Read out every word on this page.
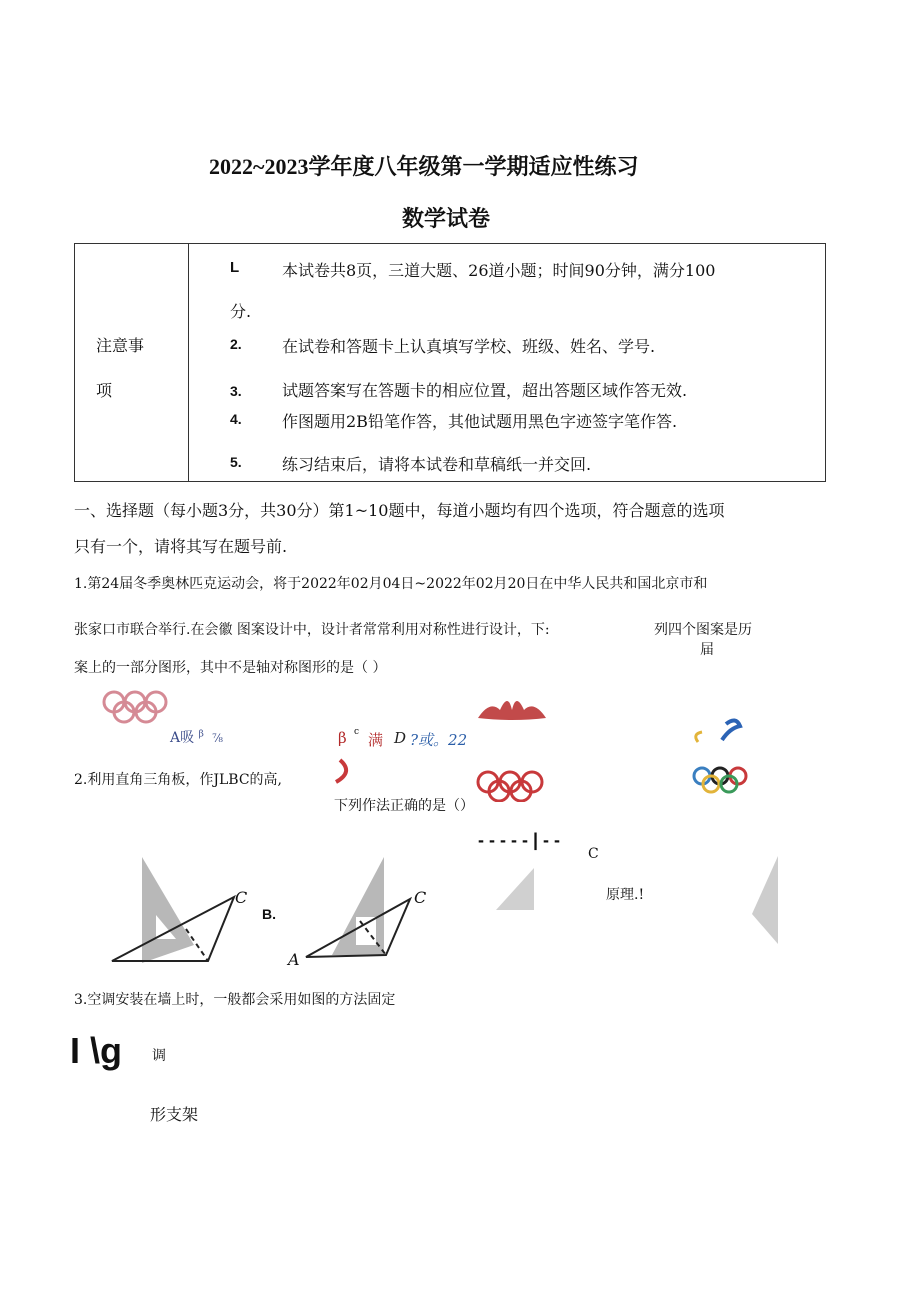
2022~2023学年度八年级第一学期适应性练习
数学试卷
注意事
项
L	本试卷共8页，三道大题、26道小题；时间90分钟，满分100
分.
2.	在试卷和答题卡上认真填写学校、班级、姓名、学号.
3.	试题答案写在答题卡的相应位置，超出答题区域作答无效.
4.	作图题用2B铅笔作答，其他试题用黑色字迹签字笔作答.
5.	练习结束后，请将本试卷和草稿纸一并交回.
一、选择题（每小题3分，共30分）第1~10题中，每道小题均有四个选项，符合题意的选项
只有一个，请将其写在题号前.
1.第24届冬季奥林匹克运动会，将于2022年02月04日~2022年02月20日在中华人民共和国北京市和
张家口市联合举行.在会徽 图案设计中，设计者常常利用对称性进行设计，下:	列四个图案是历
届
案上的一部分图形，其中不是轴对称图形的是（ ）
A吸 $^\beta$ ⅞	β c 满 D ?或。22
2.利用直角三角板，作JLBC的高,
下列作法正确的是（）
- - - - - | - -
C
C
B.
C
A
原理.!
3.空调安装在墙上时，一般都会采用如图的方法固定
I \g 调
形支架
